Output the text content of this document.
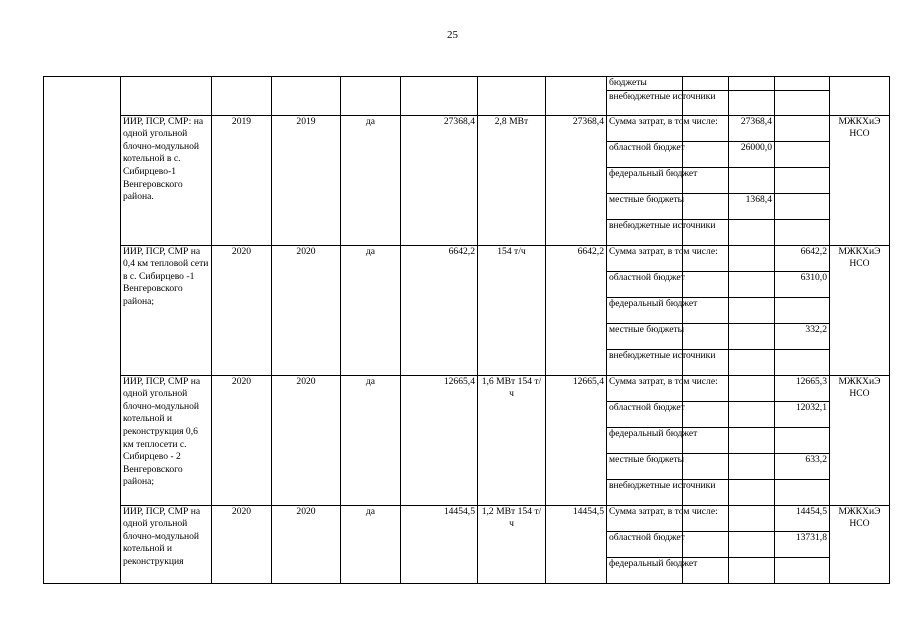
25
								бюджеты				
								внебюджетные источники				
	ИИР, ПСР, СМР: на одной угольной блочно-модульной котельной в с. Сибирцево-1 Венгеровского района.	2019	2019	да	27368,4	2,8 МВт	27368,4	Сумма затрат, в том числе:		27368,4		МЖКХиЭ НСО
								областной бюджет		26000,0		
								федеральный бюджет				
								местные бюджеты		1368,4		
								внебюджетные источники				
	ИИР, ПСР, СМР на 0,4 км тепловой сети в с. Сибирцево -1 Венгеровского района;	2020	2020	да	6642,2	154 т/ч	6642,2	Сумма затрат, в том числе:			6642,2	МЖКХиЭ НСО
								областной бюджет			6310,0	
								федеральный бюджет				
								местные бюджеты			332,2	
								внебюджетные источники				
	ИИР, ПСР, СМР на одной угольной блочно-модульной котельной и реконструкция 0,6 км теплосети с. Сибирцево - 2 Венгеровского района;	2020	2020	да	12665,4	1,6 МВт 154 т/ч	12665,4	Сумма затрат, в том числе:			12665,3	МЖКХиЭ НСО
								областной бюджет			12032,1	
								федеральный бюджет				
								местные бюджеты			633,2	
								внебюджетные источники				
	ИИР, ПСР, СМР на одной угольной блочно-модульной котельной и реконструкция	2020	2020	да	14454,5	1,2 МВт 154 т/ч	14454,5	Сумма затрат, в том числе:			14454,5	МЖКХиЭ НСО
								областной бюджет			13731,8	
								федеральный бюджет				
